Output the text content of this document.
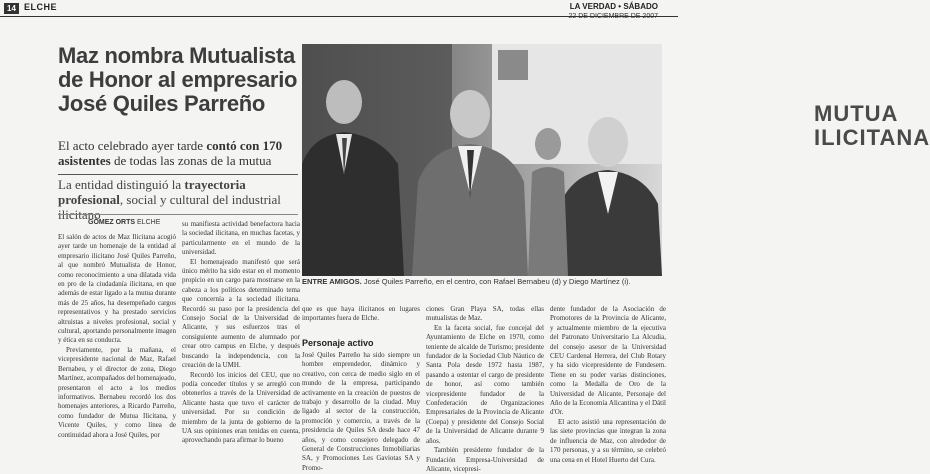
14 ELCHE	LA VERDAD • SÁBADO
22 DE DICIEMBRE DE 2007
Maz nombra Mutualista de Honor al empresario José Quiles Parreño

El acto celebrado ayer tarde contó con 170 asistentes de todas las zonas de la mutua

La entidad distinguió la trayectoria profesional, social y cultural del industrial ilicitano

MUTUA
ILICITANA

ENTRE AMIGOS. José Quiles Parreño, en el centro, con Rafael Bernabeu (d) y Diego Martínez (i).

GÓMEZ ORTS ELCHE

El salón de actos de Maz Ilicitana acogió ayer tarde un homenaje de la entidad al empresario ilicitano José Quiles Parreño, al que nombró Mutualista de Honor, como reconocimiento a una dilatada vida en pro de la ciudadanía ilicitana, en que además de estar ligado a la mutua durante más de 25 años, ha desempeñado cargos representativos y ha prestado servicios altruistas a niveles profesional, social y cultural, aportando personalmente imagen y ética en su conducta.

Previamente, por la mañana, el vicepresidente nacional de Maz, Rafael Bernabeu, y el director de zona, Diego Martínez, acompañados del homenajeado, presentaron el acto a los medios informativos. Bernabeu recordó los dos homenajes anteriores, a Ricardo Parreño, como fundador de Mutua Ilicitana, y Vicente Quiles, y como línea de continuidad ahora a José Quiles, por

su manifiesta actividad benefactora hacia la sociedad ilicitana, en muchas facetas, y particularmente en el mundo de la universidad.

El homenajeado manifestó que será único mérito ha sido estar en el momento propicio en un cargo para mostrarse en la cabeza a los políticos determinado tema que concernía a la sociedad ilicitana. Recordó su paso por la presidencia del Consejo Social de la Universidad de Alicante, y sus esfuerzos tras el consiguiente aumento de alumnado por crear otro campus en Elche, y después buscando la independencia, con la creación de la UMH.

Recordó los inicios del CEU, que no podía conceder títulos y se arregló con obtenerlos a través de la Universidad de Alicante hasta que tuvo el carácter de universidad. Por su condición de miembro de la junta de gobierno de la UA sus opiniones eran tenidas en cuenta, aprovechando para afirmar lo bueno

que es que haya ilicitanos en lugares importantes fuera de Elche.

Personaje activo

José Quiles Parreño ha sido siempre un hombre emprendedor, dinámico y creativo, con cerca de medio siglo en el mundo de la empresa, participando activamente en la creación de puestos de trabajo y desarrollo de la ciudad. Muy ligado al sector de la construcción, promoción y comercio, a través de la presidencia de Quiles SA desde hace 47 años, y como consejero delegado de General de Construcciones Inmobiliarias SA, y Promociones Les Gaviotas SA y Promo-

ciones Gran Playa SA, todas ellas mutualistas de Maz.

En la faceta social, fue concejal del Ayuntamiento de Elche en 1970, como teniente de alcalde de Turismo; presidente fundador de la Sociedad Club Náutico de Santa Pola desde 1972 hasta 1987, pasando a ostentar el cargo de presidente de honor, así como también vicepresidente fundador de la Confederación de Organizaciones Empresariales de la Provincia de Alicante (Coepa) y presidente del Consejo Social de la Universidad de Alicante durante 9 años.

También presidente fundador de la Fundación Empresa-Universidad de Alicante, vicepresi-

dente fundador de la Asociación de Promotores de la Provincia de Alicante, y actualmente miembro de la ejecutiva del Patronato Universitario La Alcudia, del consejo asesor de la Universidad CEU Cardenal Herrera, del Club Rotary y ha sido vicepresidente de Fundesem. Tiene en su poder varias distinciones, como la Medalla de Oro de la Universidad de Alicante, Personaje del Año de la Economía Alicantina y el Dátil d'Or.

El acto asistió una representación de las siete provincias que integran la zona de influencia de Maz, con alrededor de 170 personas, y a su término, se celebró una cena en el Hotel Huerto del Cura.
